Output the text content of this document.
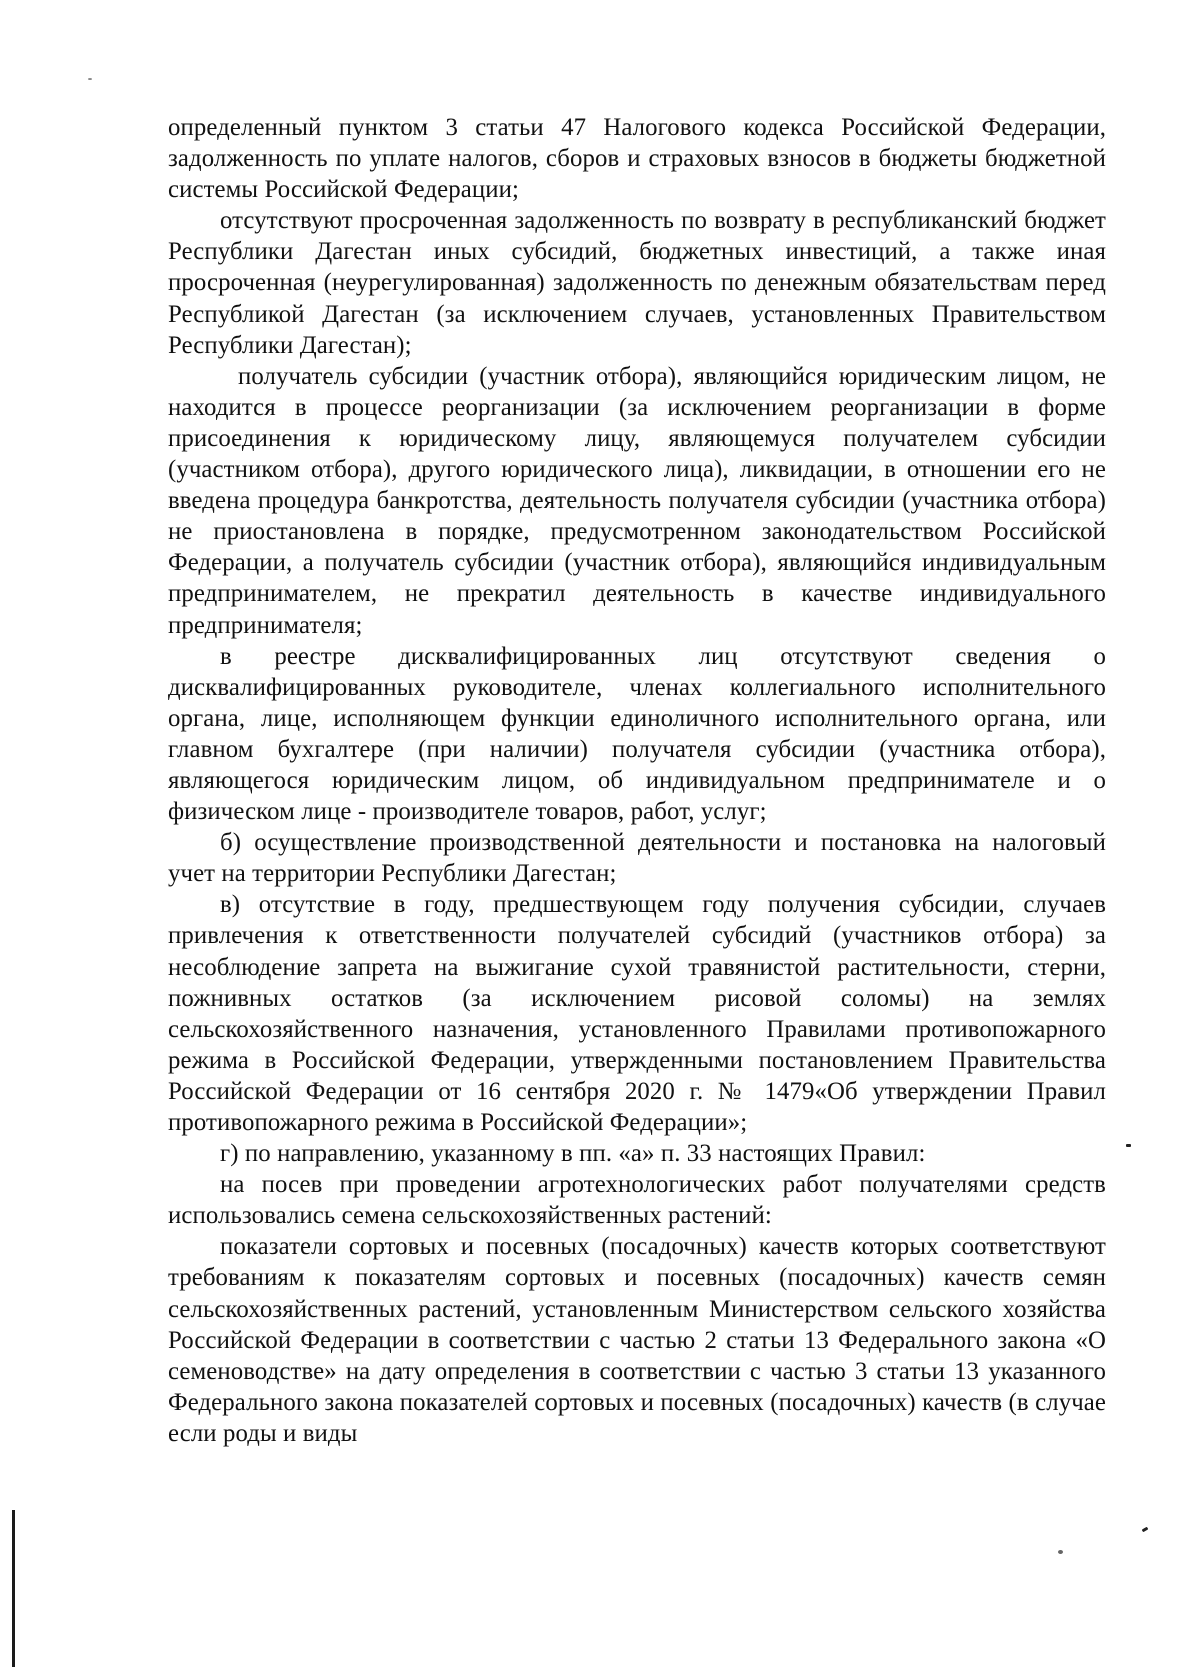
определенный пунктом 3 статьи 47 Налогового кодекса Российской Федерации, задолженность по уплате налогов, сборов и страховых взносов в бюджеты бюджетной системы Российской Федерации;

отсутствуют просроченная задолженность по возврату в республиканский бюджет Республики Дагестан иных субсидий, бюджетных инвестиций, а также иная просроченная (неурегулированная) задолженность по денежным обязательствам перед Республикой Дагестан (за исключением случаев, установленных Правительством Республики Дагестан);

получатель субсидии (участник отбора), являющийся юридическим лицом, не находится в процессе реорганизации (за исключением реорганизации в форме присоединения к юридическому лицу, являющемуся получателем субсидии (участником отбора), другого юридического лица), ликвидации, в отношении его не введена процедура банкротства, деятельность получателя субсидии (участника отбора) не приостановлена в порядке, предусмотренном законодательством Российской Федерации, а получатель субсидии (участник отбора), являющийся индивидуальным предпринимателем, не прекратил деятельность в качестве индивидуального предпринимателя;

в реестре дисквалифицированных лиц отсутствуют сведения о дисквалифицированных руководителе, членах коллегиального исполнительного органа, лице, исполняющем функции единоличного исполнительного органа, или главном бухгалтере (при наличии) получателя субсидии (участника отбора), являющегося юридическим лицом, об индивидуальном предпринимателе и о физическом лице - производителе товаров, работ, услуг;

б) осуществление производственной деятельности и постановка на налоговый учет на территории Республики Дагестан;

в) отсутствие в году, предшествующем году получения субсидии, случаев привлечения к ответственности получателей субсидий (участников отбора) за несоблюдение запрета на выжигание сухой травянистой растительности, стерни, пожнивных остатков (за исключением рисовой соломы) на землях сельскохозяйственного назначения, установленного Правилами противопожарного режима в Российской Федерации, утвержденными постановлением Правительства Российской Федерации от 16 сентября 2020 г. № 1479«Об утверждении Правил противопожарного режима в Российской Федерации»;

г) по направлению, указанному в пп. «а» п. 33 настоящих Правил:

на посев при проведении агротехнологических работ получателями средств использовались семена сельскохозяйственных растений:

показатели сортовых и посевных (посадочных) качеств которых соответствуют требованиям к показателям сортовых и посевных (посадочных) качеств семян сельскохозяйственных растений, установленным Министерством сельского хозяйства Российской Федерации в соответствии с частью 2 статьи 13 Федерального закона «О семеноводстве» на дату определения в соответствии с частью 3 статьи 13 указанного Федерального закона показателей сортовых и посевных (посадочных) качеств (в случае если роды и виды
